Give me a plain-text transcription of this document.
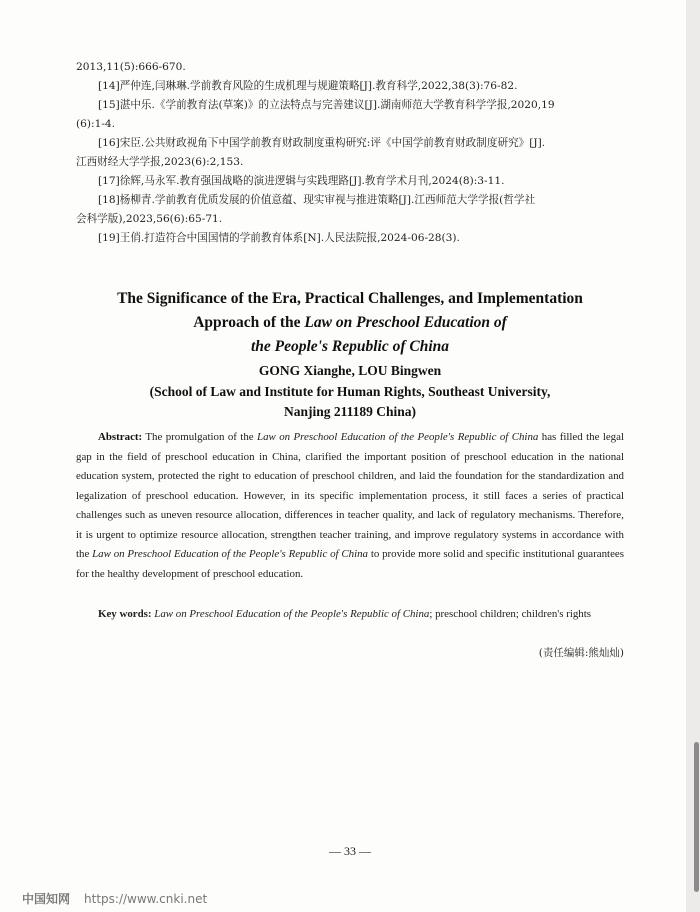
2013,11(5):666-670.

[14]严仲连,闫琳琳.学前教育风险的生成机理与规避策略[J].教育科学,2022,38(3):76-82.

[15]湛中乐.《学前教育法(草案)》的立法特点与完善建议[J].湖南师范大学教育科学学报,2020,19

(6):1-4.

[16]宋臣.公共财政视角下中国学前教育财政制度重构研究:评《中国学前教育财政制度研究》[J].

江西财经大学学报,2023(6):2,153.

[17]徐辉,马永军.教育强国战略的演进逻辑与实践理路[J].教育学术月刊,2024(8):3-11.

[18]杨柳青.学前教育优质发展的价值意蕴、现实审视与推进策略[J].江西师范大学学报(哲学社

会科学版),2023,56(6):65-71.

[19]王俏.打造符合中国国情的学前教育体系[N].人民法院报,2024-06-28(3).

The Significance of the Era, Practical Challenges, and Implementation
Approach of the Law on Preschool Education of
the People's Republic of China
GONG Xianghe, LOU Bingwen
(School of Law and Institute for Human Rights, Southeast University,
Nanjing 211189 China)
Abstract: The promulgation of the Law on Preschool Education of the People's Republic of China has filled the legal gap in the field of preschool education in China, clarified the important position of preschool education in the national education system, protected the right to education of preschool children, and laid the foundation for the standardization and legalization of preschool education. However, in its specific implementation process, it still faces a series of practical challenges such as uneven resource allocation, differences in teacher quality, and lack of regulatory mechanisms. Therefore, it is urgent to optimize resource allocation, strengthen teacher training, and improve regulatory systems in accordance with the Law on Preschool Education of the People's Republic of China to provide more solid and specific institutional guarantees for the healthy development of preschool education.
Key words: Law on Preschool Education of the People's Republic of China; preschool children; children's rights
(责任编辑:熊灿灿)
— 33 —
中国知网 https://www.cnki.net
